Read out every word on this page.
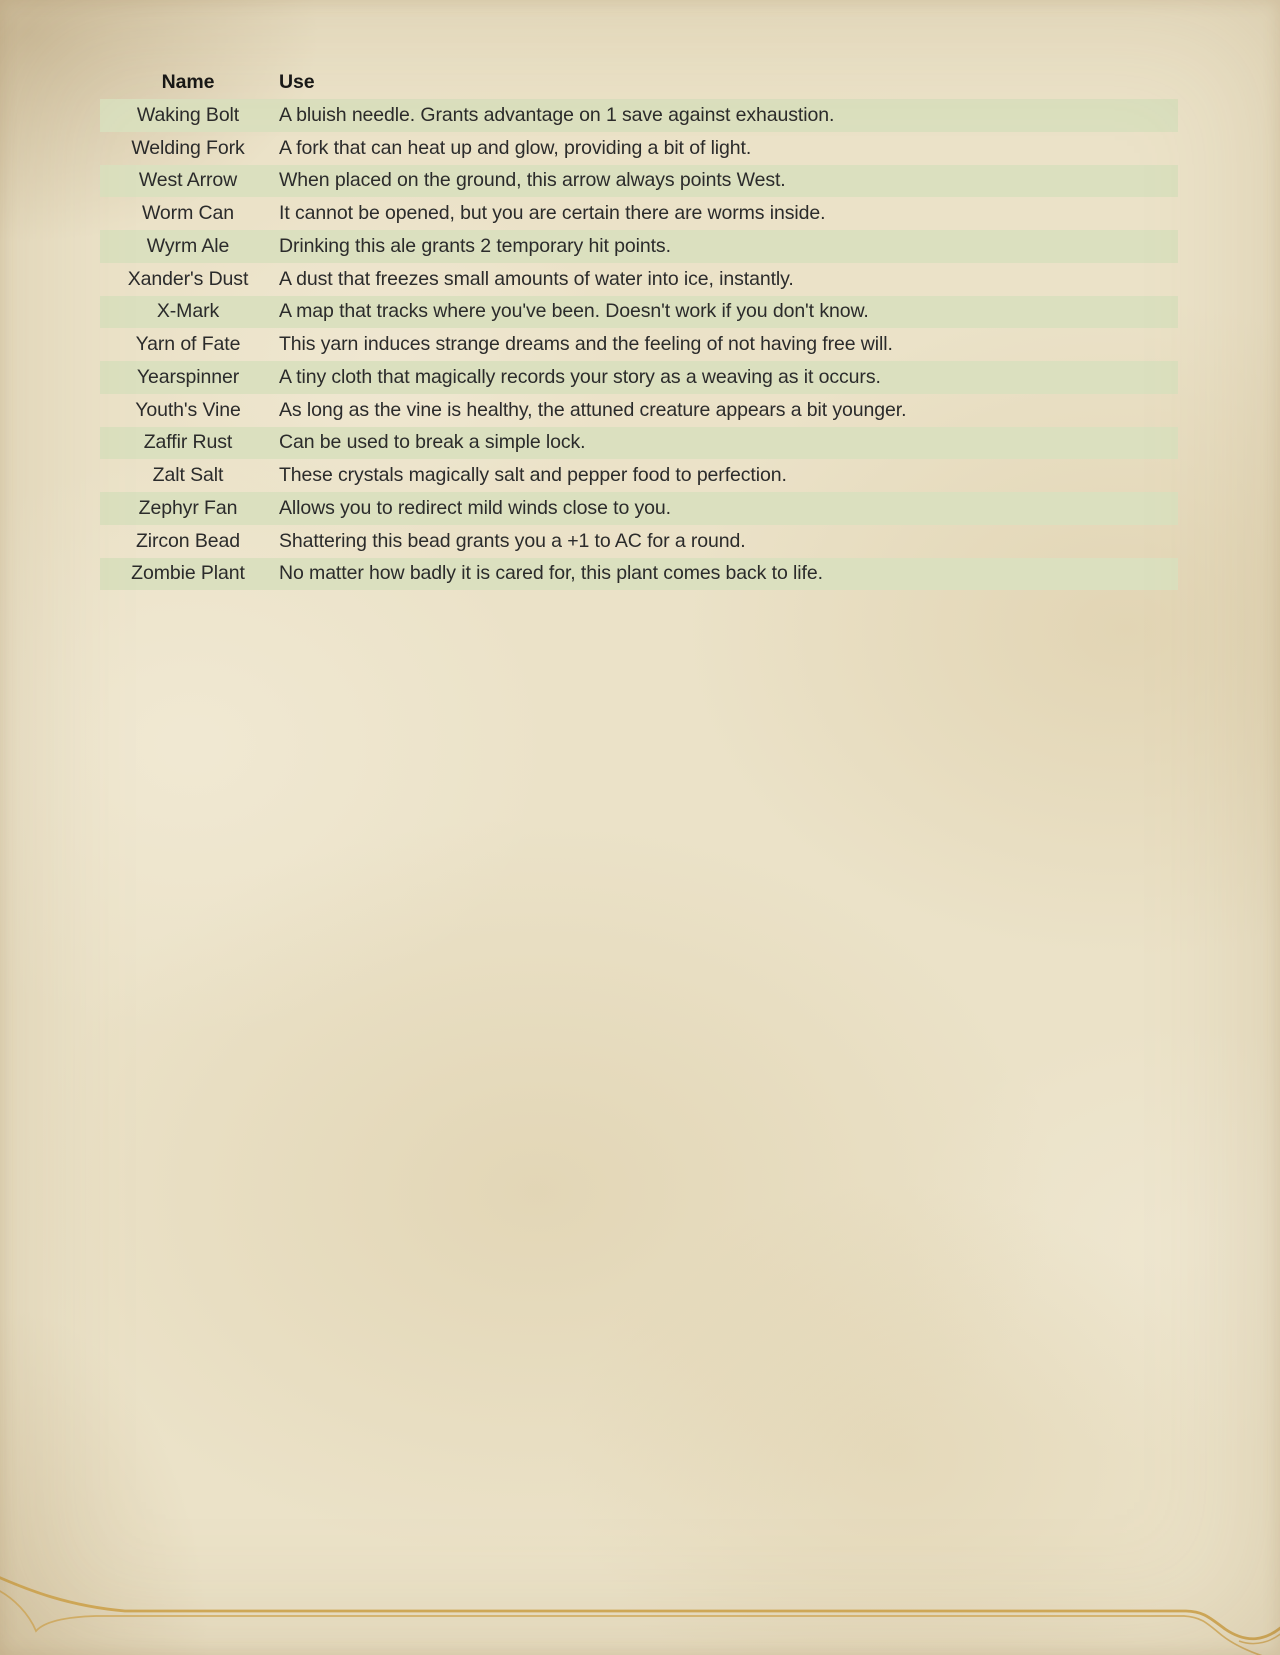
Name	Use
Waking Bolt	A bluish needle. Grants advantage on 1 save against exhaustion.
Welding Fork	A fork that can heat up and glow, providing a bit of light.
West Arrow	When placed on the ground, this arrow always points West.
Worm Can	It cannot be opened, but you are certain there are worms inside.
Wyrm Ale	Drinking this ale grants 2 temporary hit points.
Xander's Dust	A dust that freezes small amounts of water into ice, instantly.
X-Mark	A map that tracks where you've been. Doesn't work if you don't know.
Yarn of Fate	This yarn induces strange dreams and the feeling of not having free will.
Yearspinner	A tiny cloth that magically records your story as a weaving as it occurs.
Youth's Vine	As long as the vine is healthy, the attuned creature appears a bit younger.
Zaffir Rust	Can be used to break a simple lock.
Zalt Salt	These crystals magically salt and pepper food to perfection.
Zephyr Fan	Allows you to redirect mild winds close to you.
Zircon Bead	Shattering this bead grants you a +1 to AC for a round.
Zombie Plant	No matter how badly it is cared for, this plant comes back to life.
